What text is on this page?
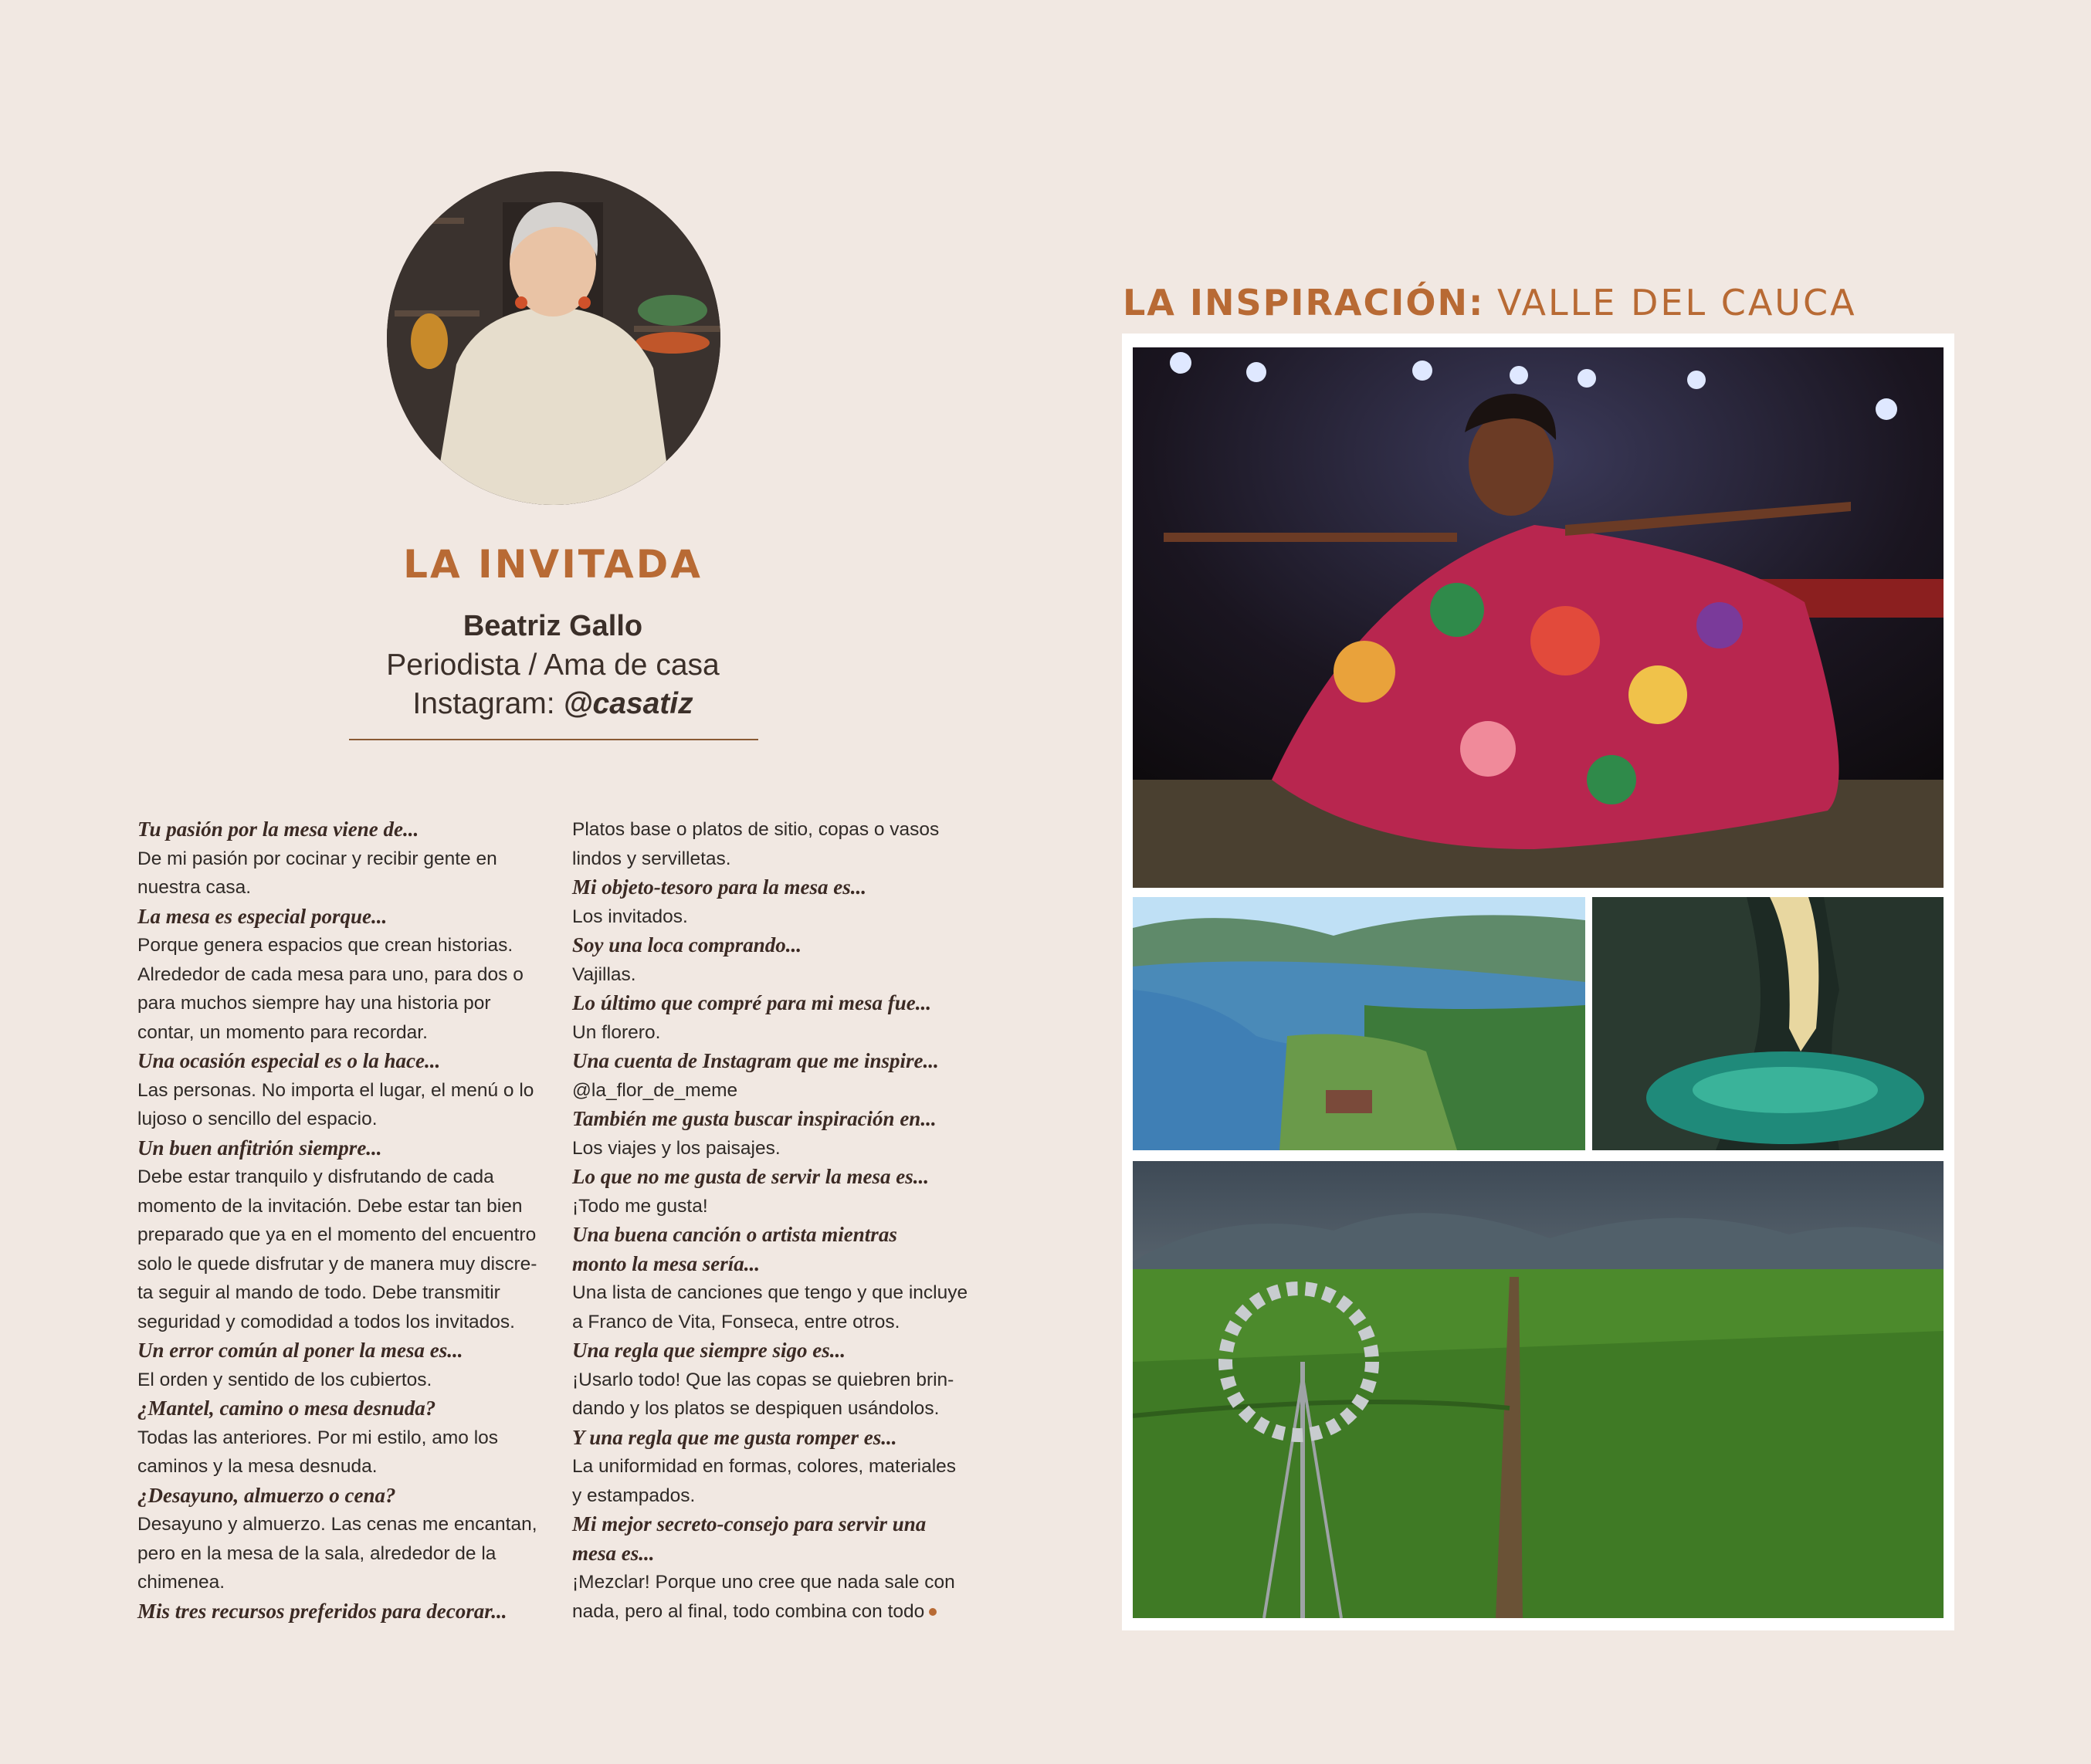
LA INVITADA
Beatriz Gallo
Periodista / Ama de casa
Instagram: @casatiz
Tu pasión por la mesa viene de...
De mi pasión por cocinar y recibir gente en
nuestra casa.
La mesa es especial porque...
Porque genera espacios que crean historias.
Alrededor de cada mesa para uno, para dos o
para muchos siempre hay una historia por
contar, un momento para recordar.
Una ocasión especial es o la hace...
Las personas. No importa el lugar, el menú o lo
lujoso o sencillo del espacio.
Un buen anfitrión siempre...
Debe estar tranquilo y disfrutando de cada
momento de la invitación. Debe estar tan bien
preparado que ya en el momento del encuentro
solo le quede disfrutar y de manera muy discre-
ta seguir al mando de todo. Debe transmitir
seguridad y comodidad a todos los invitados.
Un error común al poner la mesa es...
El orden y sentido de los cubiertos.
¿Mantel, camino o mesa desnuda?
Todas las anteriores. Por mi estilo, amo los
caminos y la mesa desnuda.
¿Desayuno, almuerzo o cena?
Desayuno y almuerzo. Las cenas me encantan,
pero en la mesa de la sala, alrededor de la
chimenea.
Mis tres recursos preferidos para decorar...
Platos base o platos de sitio, copas o vasos
lindos y servilletas.
Mi objeto-tesoro para la mesa es...
Los invitados.
Soy una loca comprando...
Vajillas.
Lo último que compré para mi mesa fue...
Un florero.
Una cuenta de Instagram que me inspire...
@la_flor_de_meme
También me gusta buscar inspiración en...
Los viajes y los paisajes.
Lo que no me gusta de servir la mesa es...
¡Todo me gusta!
Una buena canción o artista mientras
monto la mesa sería...
Una lista de canciones que tengo y que incluye
a Franco de Vita, Fonseca, entre otros.
Una regla que siempre sigo es...
¡Usarlo todo! Que las copas se quiebren brin-
dando y los platos se despiquen usándolos.
Y una regla que me gusta romper es...
La uniformidad en formas, colores, materiales
y estampados.
Mi mejor secreto-consejo para servir una
mesa es...
¡Mezclar! Porque uno cree que nada sale con
nada, pero al final, todo combina con todo
LA INSPIRACIÓN: VALLE DEL CAUCA
